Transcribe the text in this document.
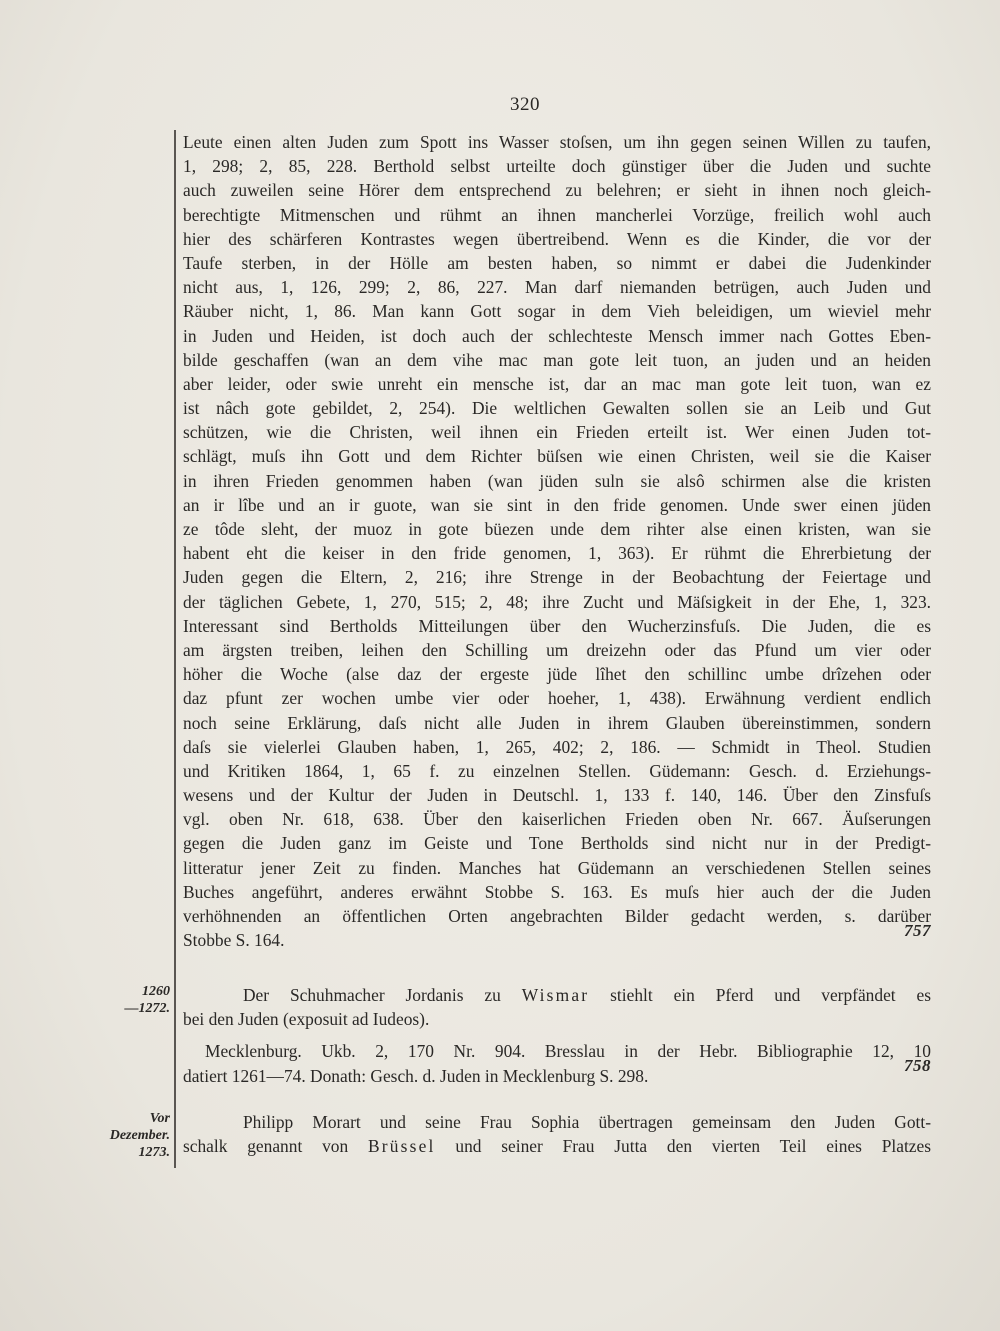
320
Leute einen alten Juden zum Spott ins Wasser stoſsen, um ihn gegen seinen Willen zu taufen,
1, 298; 2, 85, 228. Berthold selbst urteilte doch günstiger über die Juden und suchte
auch zuweilen seine Hörer dem entsprechend zu belehren; er sieht in ihnen noch gleich-
berechtigte Mitmenschen und rühmt an ihnen mancherlei Vorzüge, freilich wohl auch
hier des schärferen Kontrastes wegen übertreibend. Wenn es die Kinder, die vor der
Taufe sterben, in der Hölle am besten haben, so nimmt er dabei die Judenkinder
nicht aus, 1, 126, 299; 2, 86, 227. Man darf niemanden betrügen, auch Juden und
Räuber nicht, 1, 86. Man kann Gott sogar in dem Vieh beleidigen, um wieviel mehr
in Juden und Heiden, ist doch auch der schlechteste Mensch immer nach Gottes Eben-
bilde geschaffen (wan an dem vihe mac man gote leit tuon, an juden und an heiden
aber leider, oder swie unreht ein mensche ist, dar an mac man gote leit tuon, wan ez
ist nâch gote gebildet, 2, 254). Die weltlichen Gewalten sollen sie an Leib und Gut
schützen, wie die Christen, weil ihnen ein Frieden erteilt ist. Wer einen Juden tot-
schlägt, muſs ihn Gott und dem Richter büſsen wie einen Christen, weil sie die Kaiser
in ihren Frieden genommen haben (wan jüden suln sie alsô schirmen alse die kristen
an ir lîbe und an ir guote, wan sie sint in den fride genomen. Unde swer einen jüden
ze tôde sleht, der muoz in gote büezen unde dem rihter alse einen kristen, wan sie
habent eht die keiser in den fride genomen, 1, 363). Er rühmt die Ehrerbietung der
Juden gegen die Eltern, 2, 216; ihre Strenge in der Beobachtung der Feiertage und
der täglichen Gebete, 1, 270, 515; 2, 48; ihre Zucht und Mäſsigkeit in der Ehe, 1, 323.
Interessant sind Bertholds Mitteilungen über den Wucherzinsfuſs. Die Juden, die es
am ärgsten treiben, leihen den Schilling um dreizehn oder das Pfund um vier oder
höher die Woche (alse daz der ergeste jüde lîhet den schillinc umbe drîzehen oder
daz pfunt zer wochen umbe vier oder hoeher, 1, 438). Erwähnung verdient endlich
noch seine Erklärung, daſs nicht alle Juden in ihrem Glauben übereinstimmen, sondern
daſs sie vielerlei Glauben haben, 1, 265, 402; 2, 186. — Schmidt in Theol. Studien
und Kritiken 1864, 1, 65 f. zu einzelnen Stellen. Güdemann: Gesch. d. Erziehungs-
wesens und der Kultur der Juden in Deutschl. 1, 133 f. 140, 146. Über den Zinsfuſs
vgl. oben Nr. 618, 638. Über den kaiserlichen Frieden oben Nr. 667. Äuſserungen
gegen die Juden ganz im Geiste und Tone Bertholds sind nicht nur in der Predigt-
litteratur jener Zeit zu finden. Manches hat Güdemann an verschiedenen Stellen seines
Buches angeführt, anderes erwähnt Stobbe S. 163. Es muſs hier auch der die Juden
verhöhnenden an öffentlichen Orten angebrachten Bilder gedacht werden, s. darüber
Stobbe S. 164.	757
1260
—1272.
Der Schuhmacher Jordanis zu Wismar stiehlt ein Pferd und verpfändet es
bei den Juden (exposuit ad Iudeos).
Mecklenburg. Ukb. 2, 170 Nr. 904. Bresslau in der Hebr. Bibliographie 12, 10
datiert 1261—74. Donath: Gesch. d. Juden in Mecklenburg S. 298.
758
Vor
Dezember.
1273.
Philipp Morart und seine Frau Sophia übertragen gemeinsam den Juden Gott-
schalk genannt von Brüssel und seiner Frau Jutta den vierten Teil eines Platzes
